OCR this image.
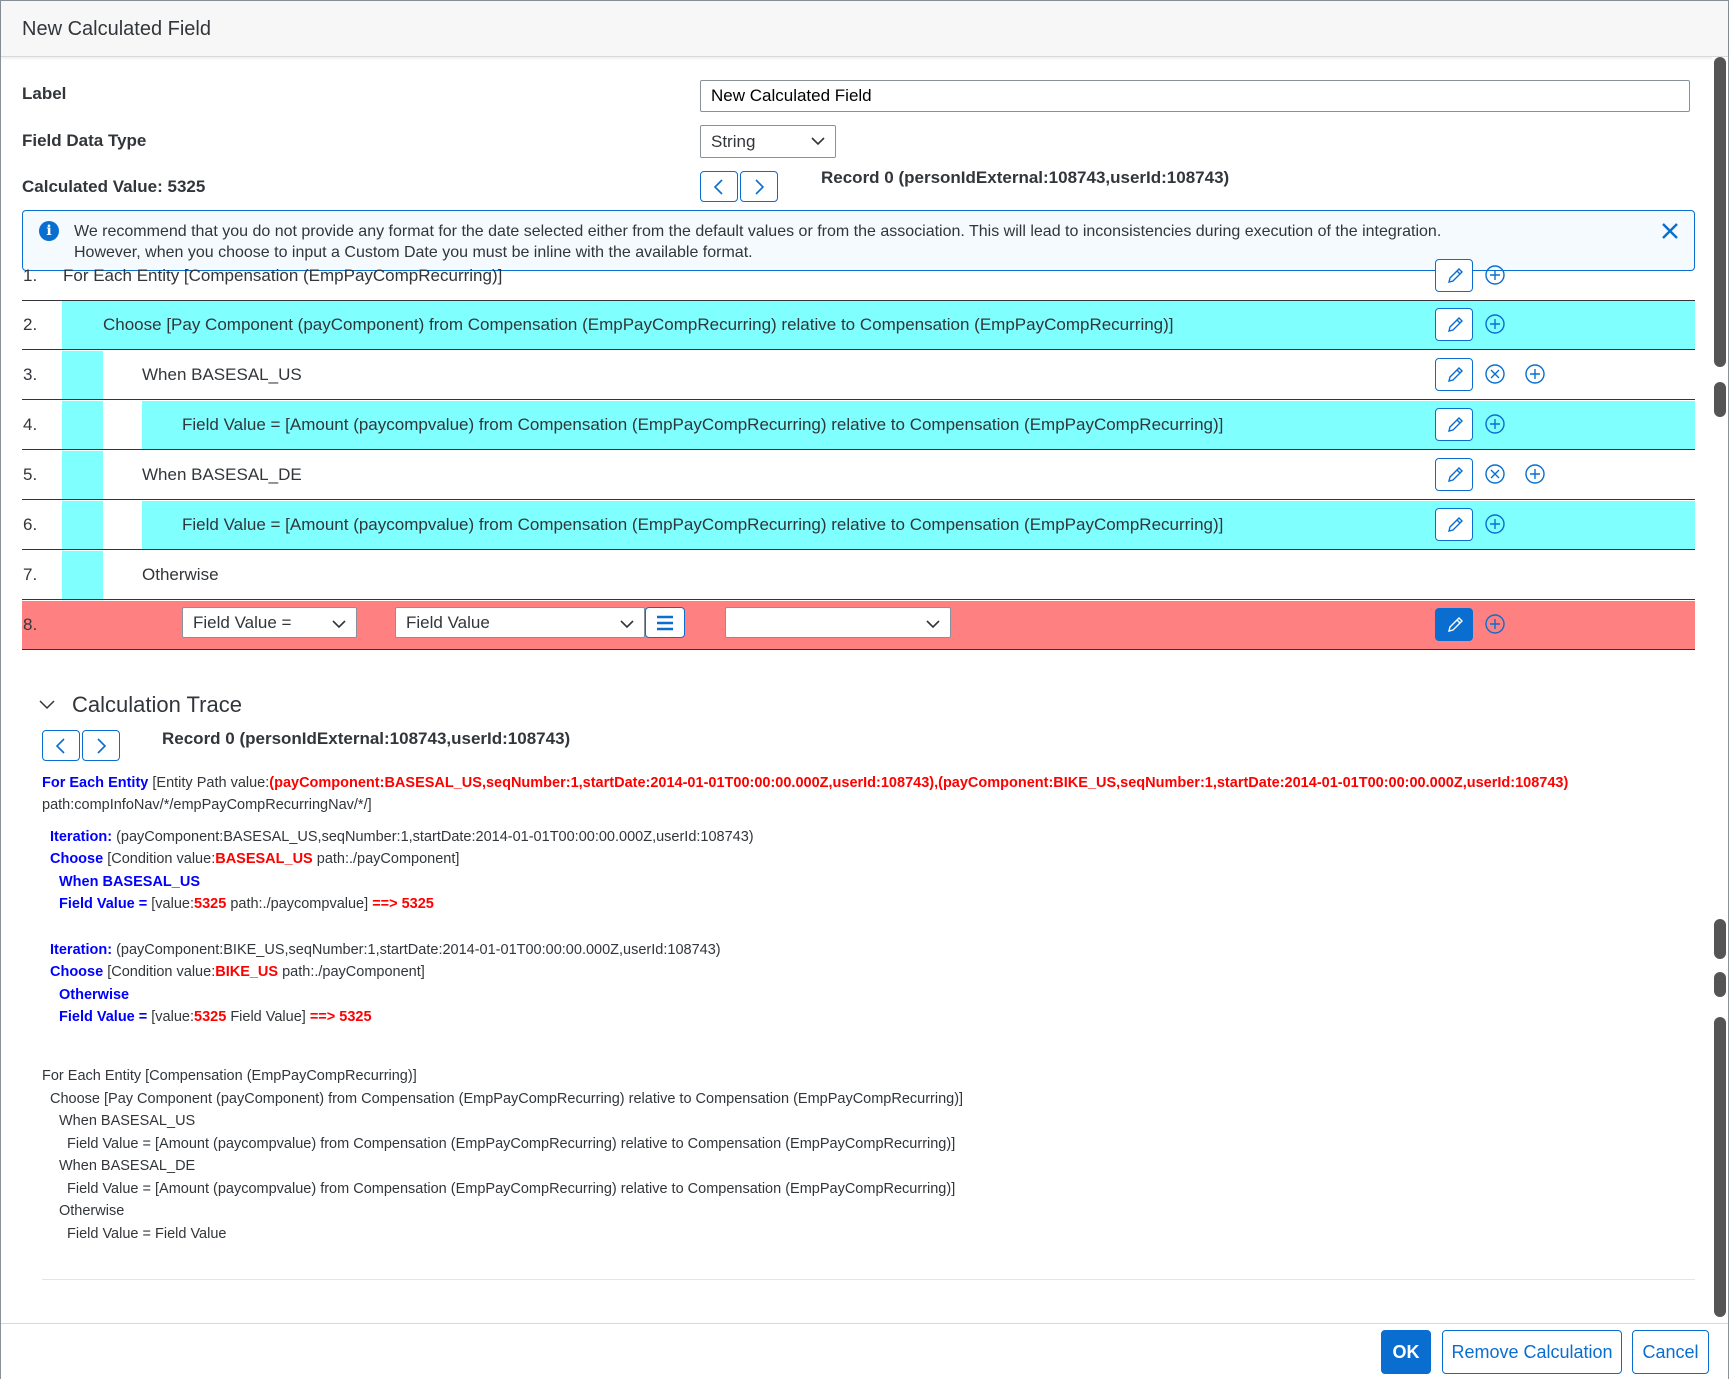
New Calculated Field
Label
New Calculated Field
Field Data Type	String
Calculated Value: 5325	Record 0 (personIdExternal:108743,userId:108743)
i	We recommend that you do not provide any format for the date selected either from the default values or from the association. This will lead to inconsistencies during execution of the integration.
However, when you choose to input a Custom Date you must be inline with the available format.
1. For Each Entity [Compensation (EmpPayCompRecurring)]
2.	Choose [Pay Component (payComponent) from Compensation (EmpPayCompRecurring) relative to Compensation (EmpPayCompRecurring)]
3.	When BASESAL_US
4.	Field Value = [Amount (paycompvalue) from Compensation (EmpPayCompRecurring) relative to Compensation (EmpPayCompRecurring)]
5.	When BASESAL_DE
6.	Field Value = [Amount (paycompvalue) from Compensation (EmpPayCompRecurring) relative to Compensation (EmpPayCompRecurring)]
7.	Otherwise
8.	Field Value =	Field Value
Calculation Trace
Record 0 (personIdExternal:108743,userId:108743)
For Each Entity [Entity Path value:(payComponent:BASESAL_US,seqNumber:1,startDate:2014-01-01T00:00:00.000Z,userId:108743),(payComponent:BIKE_US,seqNumber:1,startDate:2014-01-01T00:00:00.000Z,userId:108743)
path:compInfoNav/*/empPayCompRecurringNav/*/]
Iteration: (payComponent:BASESAL_US,seqNumber:1,startDate:2014-01-01T00:00:00.000Z,userId:108743)
Choose [Condition value:BASESAL_US path:./payComponent]
When BASESAL_US
Field Value = [value:5325 path:./paycompvalue] ==> 5325
Iteration: (payComponent:BIKE_US,seqNumber:1,startDate:2014-01-01T00:00:00.000Z,userId:108743)
Choose [Condition value:BIKE_US path:./payComponent]
Otherwise
Field Value = [value:5325 Field Value] ==> 5325
For Each Entity [Compensation (EmpPayCompRecurring)]
Choose [Pay Component (payComponent) from Compensation (EmpPayCompRecurring) relative to Compensation (EmpPayCompRecurring)]
When BASESAL_US
Field Value = [Amount (paycompvalue) from Compensation (EmpPayCompRecurring) relative to Compensation (EmpPayCompRecurring)]
When BASESAL_DE
Field Value = [Amount (paycompvalue) from Compensation (EmpPayCompRecurring) relative to Compensation (EmpPayCompRecurring)]
Otherwise
Field Value = Field Value
OK	Remove Calculation	Cancel
